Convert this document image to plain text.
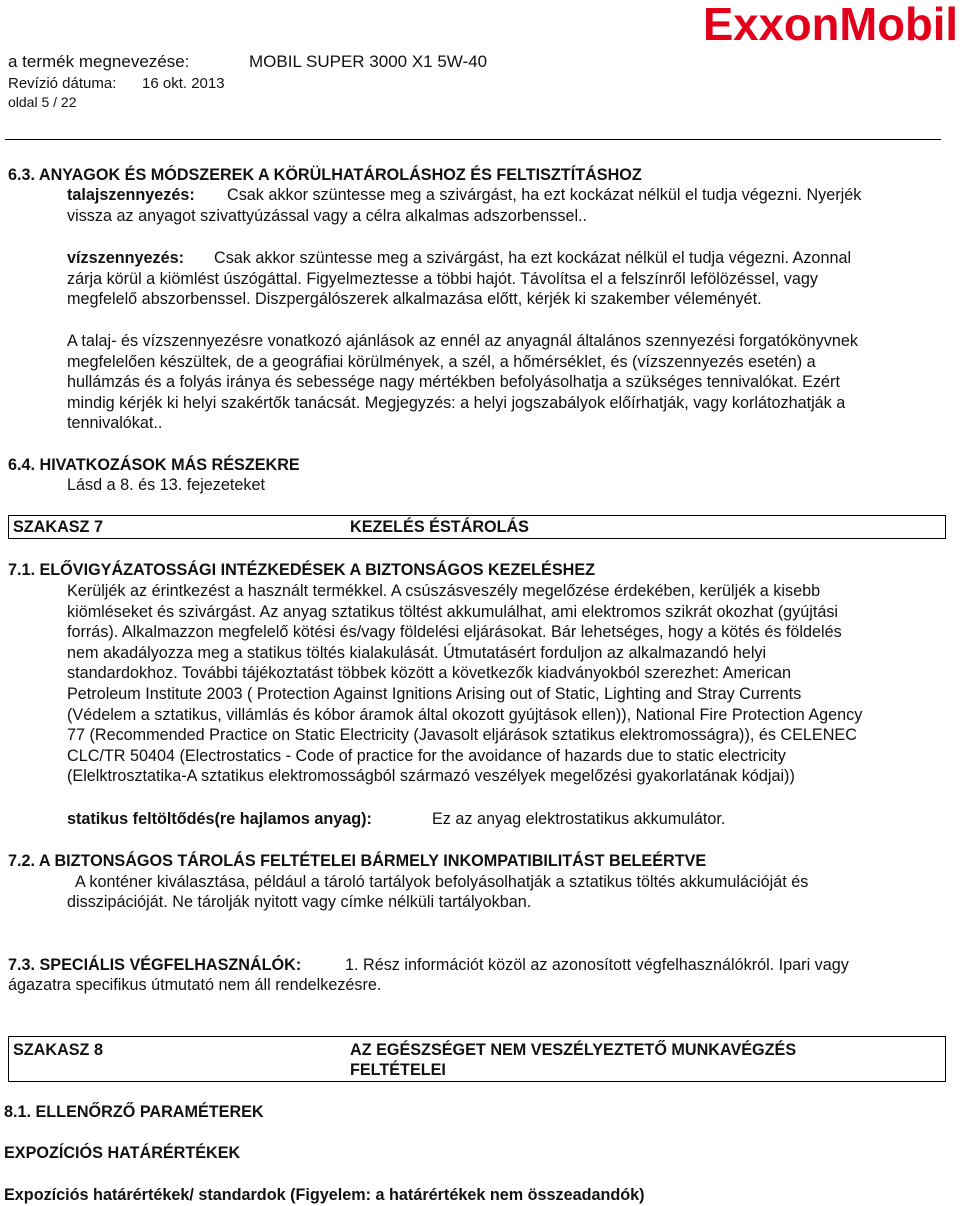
a termék megnevezése:	MOBIL SUPER 3000 X1 5W-40
Revízió dátuma: 16 okt. 2013
oldal 5 / 22
ExxonMobil
6.3. ANYAGOK ÉS MÓDSZEREK A KÖRÜLHATÁROLÁSHOZ ÉS FELTISZTÍTÁSHOZ
talajszennyezés: Csak akkor szüntesse meg a szivárgást, ha ezt kockázat nélkül el tudja végezni. Nyerjék
vissza az anyagot szivattyúzással vagy a célra alkalmas adszorbenssel..
vízszennyezés: Csak akkor szüntesse meg a szivárgást, ha ezt kockázat nélkül el tudja végezni. Azonnal
zárja körül a kiömlést úszógáttal. Figyelmeztesse a többi hajót. Távolítsa el a felszínről lefölözéssel, vagy
megfelelő abszorbenssel. Diszpergálószerek alkalmazása előtt, kérjék ki szakember véleményét.
A talaj- és vízszennyezésre vonatkozó ajánlások az ennél az anyagnál általános szennyezési forgatókönyvnek
megfelelően készültek, de a geográfiai körülmények, a szél, a hőmérséklet, és (vízszennyezés esetén) a
hullámzás és a folyás iránya és sebessége nagy mértékben befolyásolhatja a szükséges tennivalókat. Ezért
mindig kérjék ki helyi szakértők tanácsát. Megjegyzés: a helyi jogszabályok előírhatják, vagy korlátozhatják a
tennivalókat..
6.4. HIVATKOZÁSOK MÁS RÉSZEKRE
Lásd a 8. és 13. fejezeteket
SZAKASZ 7	KEZELÉS ÉSTÁROLÁS
7.1. ELŐVIGYÁZATOSSÁGI INTÉZKEDÉSEK A BIZTONSÁGOS KEZELÉSHEZ
Kerüljék az érintkezést a használt termékkel. A csúszásveszély megelőzése érdekében, kerüljék a kisebb
kiömléseket és szivárgást. Az anyag sztatikus töltést akkumulálhat, ami elektromos szikrát okozhat (gyújtási
forrás). Alkalmazzon megfelelő kötési és/vagy földelési eljárásokat. Bár lehetséges, hogy a kötés és földelés
nem akadályozza meg a statikus töltés kialakulását. Útmutatásért forduljon az alkalmazandó helyi
standardokhoz. További tájékoztatást többek között a következők kiadványokból szerezhet: American
Petroleum Institute 2003 ( Protection Against Ignitions Arising out of Static, Lighting and Stray Currents
(Védelem a sztatikus, villámlás és kóbor áramok által okozott gyújtások ellen)), National Fire Protection Agency
77 (Recommended Practice on Static Electricity (Javasolt eljárások sztatikus elektromosságra)), és CELENEC
CLC/TR 50404 (Electrostatics - Code of practice for the avoidance of hazards due to static electricity
(Elelktrosztatika-A sztatikus elektromosságból származó veszélyek megelőzési gyakorlatának kódjai))
statikus feltöltődés(re hajlamos anyag):	Ez az anyag elektrostatikus akkumulátor.
7.2. A BIZTONSÁGOS TÁROLÁS FELTÉTELEI BÁRMELY INKOMPATIBILITÁST BELEÉRTVE
A konténer kiválasztása, például a tároló tartályok befolyásolhatják a sztatikus töltés akkumulációját és
disszipációját. Ne tárolják nyitott vagy címke nélküli tartályokban.
7.3. SPECIÁLIS VÉGFELHASZNÁLÓK:	1. Rész információt közöl az azonosított végfelhasználókról. Ipari vagy
ágazatra specifikus útmutató nem áll rendelkezésre.
SZAKASZ 8	AZ EGÉSZSÉGET NEM VESZÉLYEZTETŐ MUNKAVÉGZÉS
FELTÉTELEI
8.1. ELLENŐRZŐ PARAMÉTEREK
EXPOZÍCIÓS HATÁRÉRTÉKEK
Expozíciós határértékek/ standardok (Figyelem: a határértékek nem összeadandók)
